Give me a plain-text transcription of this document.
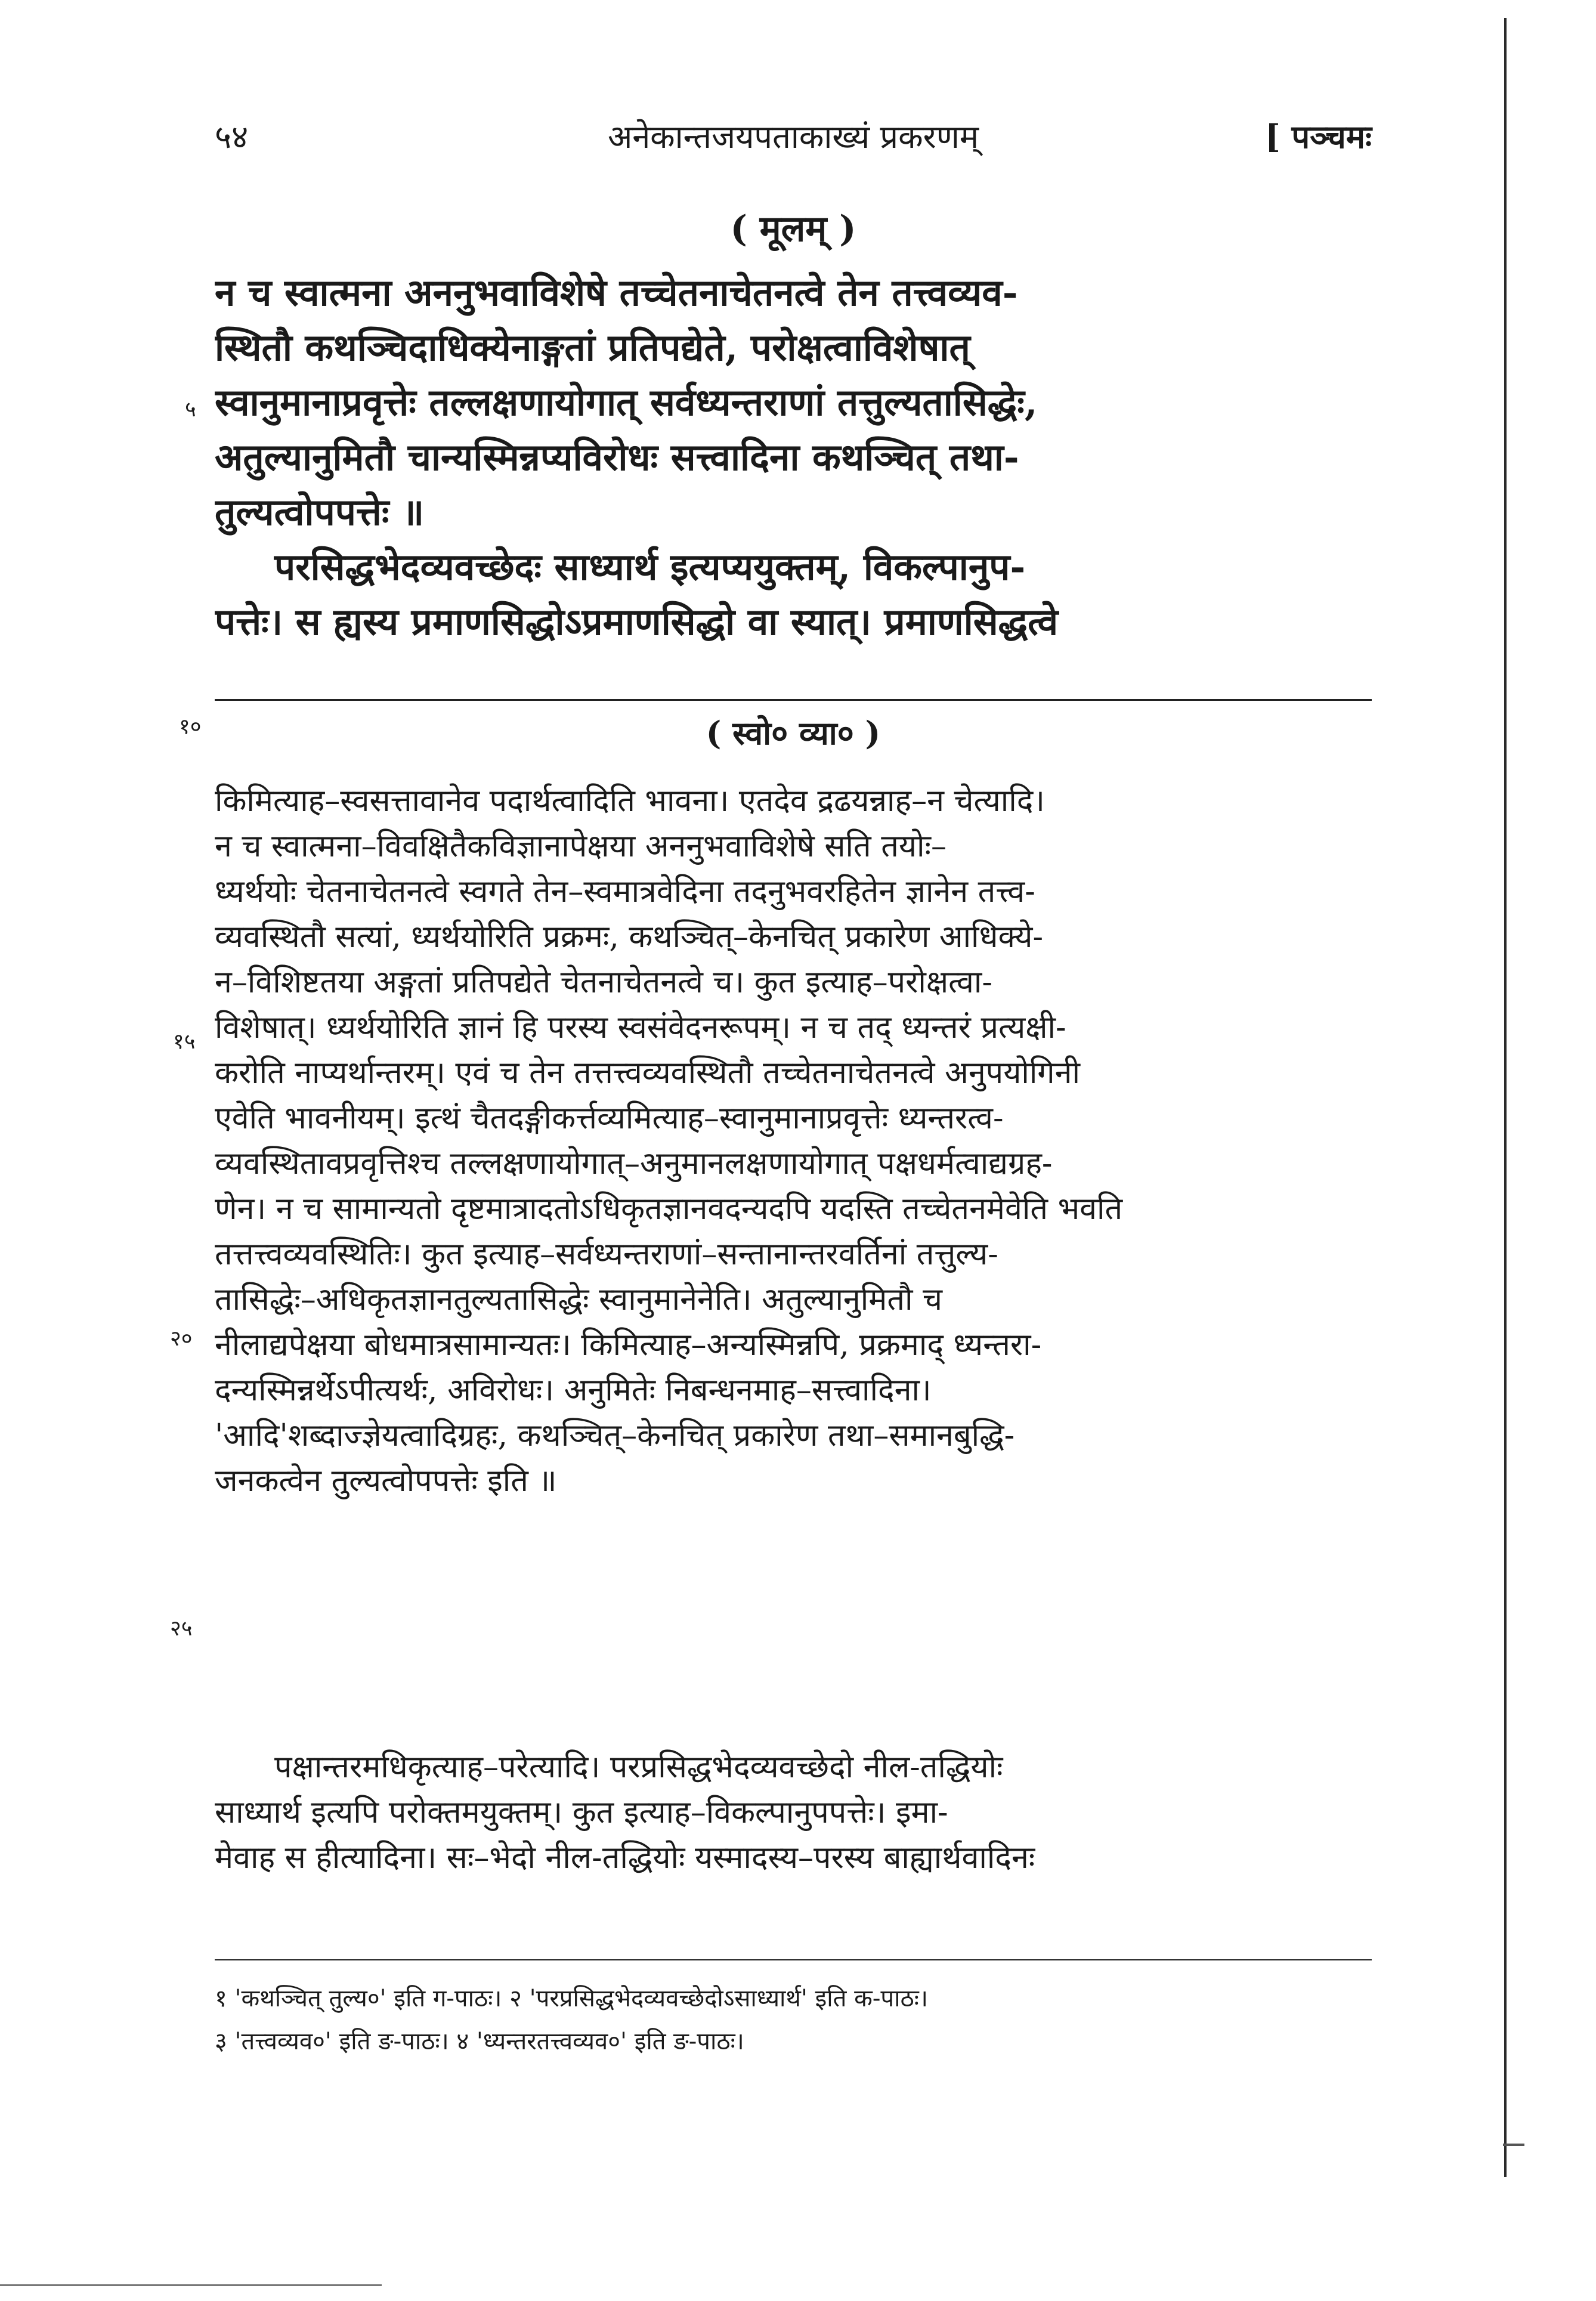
५४	अनेकान्तजयपताकाख्यं प्रकरणम्	[ पञ्चमः
( मूलम् )
न च स्वात्मना अननुभवाविशेषे तच्चेतनाचेतनत्वे तेन तत्त्वव्यव-
स्थितौ कथञ्चिदाधिक्येनाङ्गतां प्रतिपद्येते, परोक्षत्वाविशेषात्
स्वानुमानाप्रवृत्तेः तल्लक्षणायोगात् सर्वध्यन्तराणां तत्तुल्यतासिद्धेः,
अतुल्यानुमितौ चान्यस्मिन्नप्यविरोधः सत्त्वादिना कथञ्चित् तथा-
तुल्यत्वोपपत्तेः ॥
परसिद्धभेदव्यवच्छेदः साध्यार्थ इत्यप्ययुक्तम्, विकल्पानुप-
पत्तेः। स ह्यस्य प्रमाणसिद्धोऽप्रमाणसिद्धो वा स्यात्। प्रमाणसिद्धत्वे
५
१०
१५
२०
२५
( स्वो० व्या० )
किमित्याह–स्वसत्तावानेव पदार्थत्वादिति भावना। एतदेव द्रढयन्नाह–न चेत्यादि।
न च स्वात्मना–विवक्षितैकविज्ञानापेक्षया अननुभवाविशेषे सति तयोः–
ध्यर्थयोः चेतनाचेतनत्वे स्वगते तेन–स्वमात्रवेदिना तदनुभवरहितेन ज्ञानेन तत्त्व-
व्यवस्थितौ सत्यां, ध्यर्थयोरिति प्रक्रमः, कथञ्चित्–केनचित् प्रकारेण आधिक्ये-
न–विशिष्टतया अङ्गतां प्रतिपद्येते चेतनाचेतनत्वे च। कुत इत्याह–परोक्षत्वा-
विशेषात्। ध्यर्थयोरिति ज्ञानं हि परस्य स्वसंवेदनरूपम्। न च तद् ध्यन्तरं प्रत्यक्षी-
करोति नाप्यर्थान्तरम्। एवं च तेन तत्तत्त्वव्यवस्थितौ तच्चेतनाचेतनत्वे अनुपयोगिनी
एवेति भावनीयम्। इत्थं चैतदङ्गीकर्त्तव्यमित्याह–स्वानुमानाप्रवृत्तेः ध्यन्तरत्व-
व्यवस्थितावप्रवृत्तिश्च तल्लक्षणायोगात्–अनुमानलक्षणायोगात् पक्षधर्मत्वाद्यग्रह-
णेन। न च सामान्यतो दृष्टमात्रादतोऽधिकृतज्ञानवदन्यदपि यदस्ति तच्चेतनमेवेति भवति
तत्तत्त्वव्यवस्थितिः। कुत इत्याह–सर्वध्यन्तराणां–सन्तानान्तरवर्तिनां तत्तुल्य-
तासिद्धेः–अधिकृतज्ञानतुल्यतासिद्धेः स्वानुमानेनेति। अतुल्यानुमितौ च
नीलाद्यपेक्षया बोधमात्रसामान्यतः। किमित्याह–अन्यस्मिन्नपि, प्रक्रमाद् ध्यन्तरा-
दन्यस्मिन्नर्थेऽपीत्यर्थः, अविरोधः। अनुमितेः निबन्धनमाह–सत्त्वादिना।
'आदि'शब्दाज्ज्ञेयत्वादिग्रहः, कथञ्चित्–केनचित् प्रकारेण तथा–समानबुद्धि-
जनकत्वेन तुल्यत्वोपपत्तेः इति ॥
पक्षान्तरमधिकृत्याह–परेत्यादि। परप्रसिद्धभेदव्यवच्छेदो नील-तद्धियोः
साध्यार्थ इत्यपि परोक्तमयुक्तम्। कुत इत्याह–विकल्पानुपपत्तेः। इमा-
मेवाह स हीत्यादिना। सः–भेदो नील-तद्धियोः यस्मादस्य–परस्य बाह्यार्थवादिनः
१ 'कथञ्चित् तुल्य०' इति ग-पाठः। २ 'परप्रसिद्धभेदव्यवच्छेदोऽसाध्यार्थ' इति क-पाठः।
३ 'तत्त्वव्यव०' इति ङ-पाठः। ४ 'ध्यन्तरतत्त्वव्यव०' इति ङ-पाठः।
